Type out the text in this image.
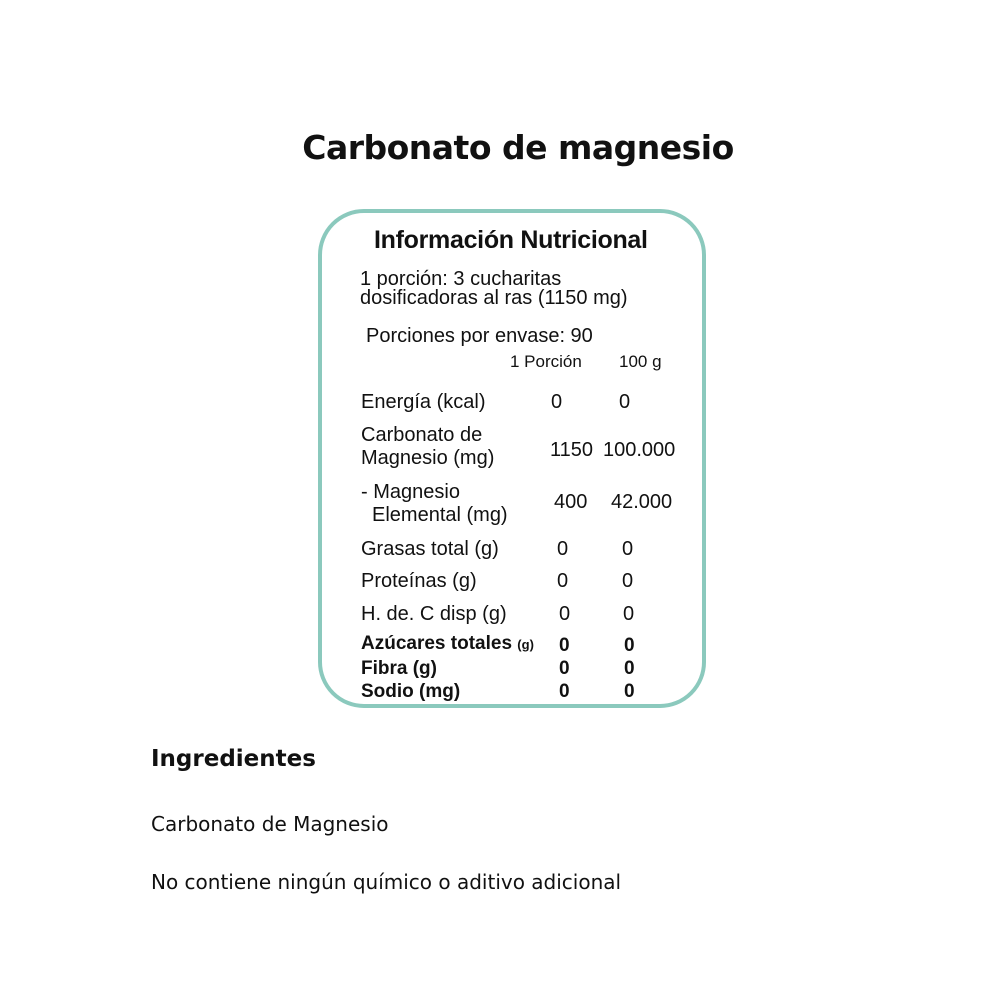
Carbonato de magnesio
Información Nutricional
1 porción: 3 cucharitas
dosificadoras al ras (1150 mg)
Porciones por envase: 90
1 Porción 100 g
Energía (kcal)	0	0
Carbonato de
Magnesio (mg)	1150 100.000
- Magnesio
Elemental (mg)
400 42.000
Grasas total (g)	0	0
Proteínas (g)	0	0
H. de. C disp (g)	0	0
Azúcares totales (g) 0	0
Fibra (g)	0	0
Sodio (mg)	0	0
Ingredientes
Carbonato de Magnesio
No contiene ningún químico o aditivo adicional
